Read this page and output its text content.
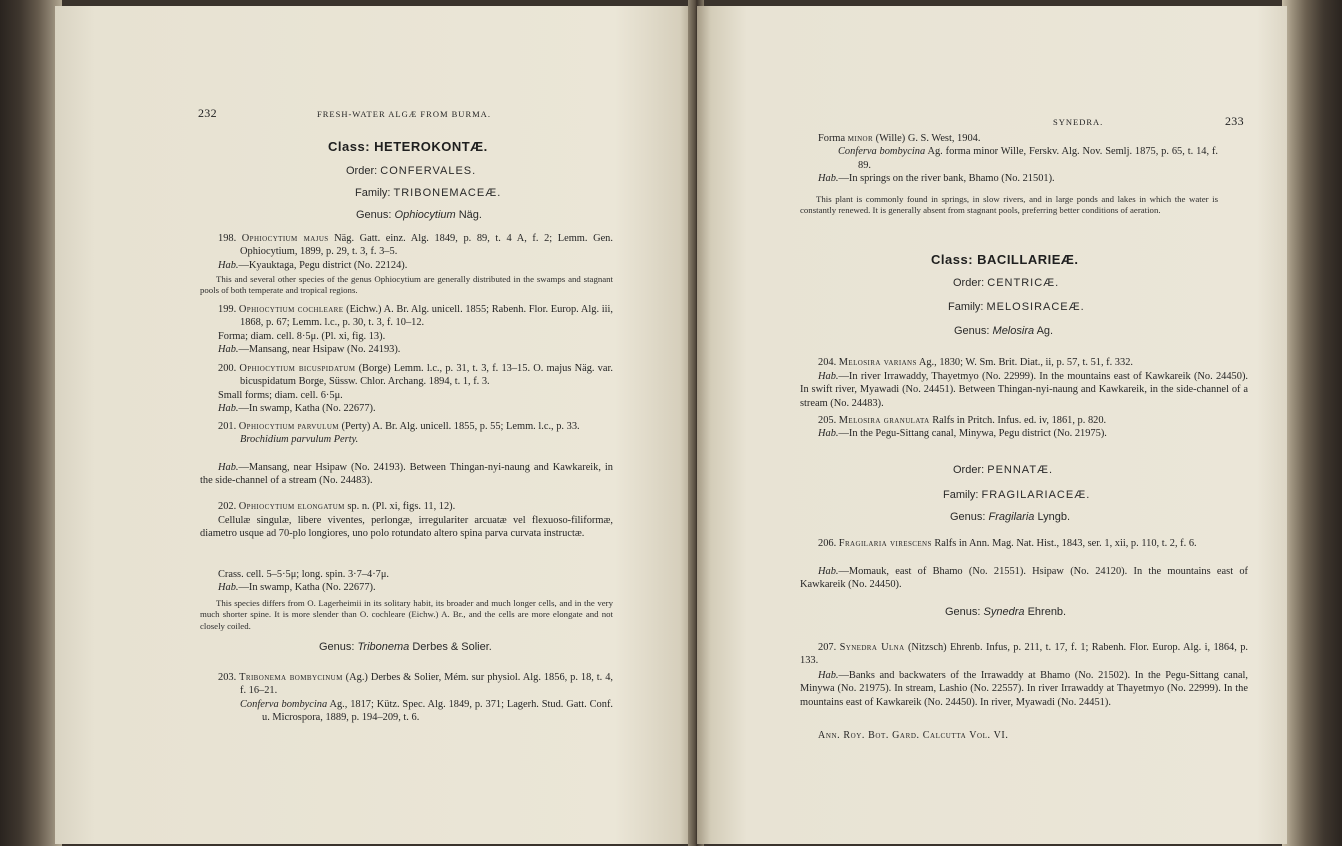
232	FRESH-WATER ALGÆ FROM BURMA.
Class: HETEROKONTÆ.
Order: CONFERVALES.
Family: TRIBONEMACEÆ.
Genus: Ophiocytium Näg.
198. Ophiocytium majus Näg. Gatt. einz. Alg. 1849, p. 89, t. 4 A, f. 2; Lemm. Gen. Ophiocytium, 1899, p. 29, t. 3, f. 3–5.
Hab.—Kyauktaga, Pegu district (No. 22124).
This and several other species of the genus Ophiocytium are generally distributed in the swamps and stagnant pools of both temperate and tropical regions.
199. Ophiocytium cochleare (Eichw.) A. Br. Alg. unicell. 1855; Rabenh. Flor. Europ. Alg. iii, 1868, p. 67; Lemm. l.c., p. 30, t. 3, f. 10–12.
Forma; diam. cell. 8·5μ. (Pl. xi, fig. 13).
Hab.—Mansang, near Hsipaw (No. 24193).
200. Ophiocytium bicuspidatum (Borge) Lemm. l.c., p. 31, t. 3, f. 13–15. O. majus Näg. var. bicuspidatum Borge, Süssw. Chlor. Archang. 1894, t. 1, f. 3.
Small forms; diam. cell. 6·5μ.
Hab.—In swamp, Katha (No. 22677).
201. Ophiocytium parvulum (Perty) A. Br. Alg. unicell. 1855, p. 55; Lemm. l.c., p. 33.
Brochidium parvulum Perty.
Hab.—Mansang, near Hsipaw (No. 24193). Between Thingan-nyi-naung and Kawkareik, in the side-channel of a stream (No. 24483).
202. Ophiocytium elongatum sp. n. (Pl. xi, figs. 11, 12).
Cellulæ singulæ, libere viventes, perlongæ, irregulariter arcuatæ vel flexuoso-filiformæ, diametro usque ad 70-plo longiores, uno polo rotundato altero spina parva curvata instructæ.
Crass. cell. 5–5·5μ; long. spin. 3·7–4·7μ.
Hab.—In swamp, Katha (No. 22677).
This species differs from O. Lagerheimii in its solitary habit, its broader and much longer cells, and in the very much shorter spine. It is more slender than O. cochleare (Eichw.) A. Br., and the cells are more elongate and not closely coiled.
Genus: Tribonema Derbes & Solier.
203. Tribonema bombycinum (Ag.) Derbes & Solier, Mém. sur physiol. Alg. 1856, p. 18, t. 4, f. 16–21.
Conferva bombycina Ag., 1817; Kütz. Spec. Alg. 1849, p. 371; Lagerh. Stud. Gatt. Conf. u. Microspora, 1889, p. 194–209, t. 6.
SYNEDRA.	233
Forma minor (Wille) G. S. West, 1904.
Conferva bombycina Ag. forma minor Wille, Ferskv. Alg. Nov. Semlj. 1875, p. 65, t. 14, f. 89.
Hab.—In springs on the river bank, Bhamo (No. 21501).
This plant is commonly found in springs, in slow rivers, and in large ponds and lakes in which the water is constantly renewed. It is generally absent from stagnant pools, preferring better conditions of aeration.
Class: BACILLARIEÆ.
Order: CENTRICÆ.
Family: MELOSIRACEÆ.
Genus: Melosira Ag.
204. Melosira varians Ag., 1830; W. Sm. Brit. Diat., ii, p. 57, t. 51, f. 332.
Hab.—In river Irrawaddy, Thayetmyo (No. 22999). In the mountains east of Kawkareik (No. 24450). In swift river, Myawadi (No. 24451). Between Thingan-nyi-naung and Kawkareik, in the side-channel of a stream (No. 24483).
205. Melosira granulata Ralfs in Pritch. Infus. ed. iv, 1861, p. 820.
Hab.—In the Pegu-Sittang canal, Minywa, Pegu district (No. 21975).
Order: PENNATÆ.
Family: FRAGILARIACEÆ.
Genus: Fragilaria Lyngb.
206. Fragilaria virescens Ralfs in Ann. Mag. Nat. Hist., 1843, ser. 1, xii, p. 110, t. 2, f. 6.
Hab.—Momauk, east of Bhamo (No. 21551). Hsipaw (No. 24120). In the mountains east of Kawkareik (No. 24450).
Genus: Synedra Ehrenb.
207. Synedra Ulna (Nitzsch) Ehrenb. Infus, p. 211, t. 17, f. 1; Rabenh. Flor. Europ. Alg. i, 1864, p. 133.
Hab.—Banks and backwaters of the Irrawaddy at Bhamo (No. 21502). In the Pegu-Sittang canal, Minywa (No. 21975). In stream, Lashio (No. 22557). In river Irrawaddy at Thayetmyo (No. 22999). In the mountains east of Kawkareik (No. 24450). In river, Myawadi (No. 24451).
Ann. Roy. Bot. Gard. Calcutta Vol. VI.
